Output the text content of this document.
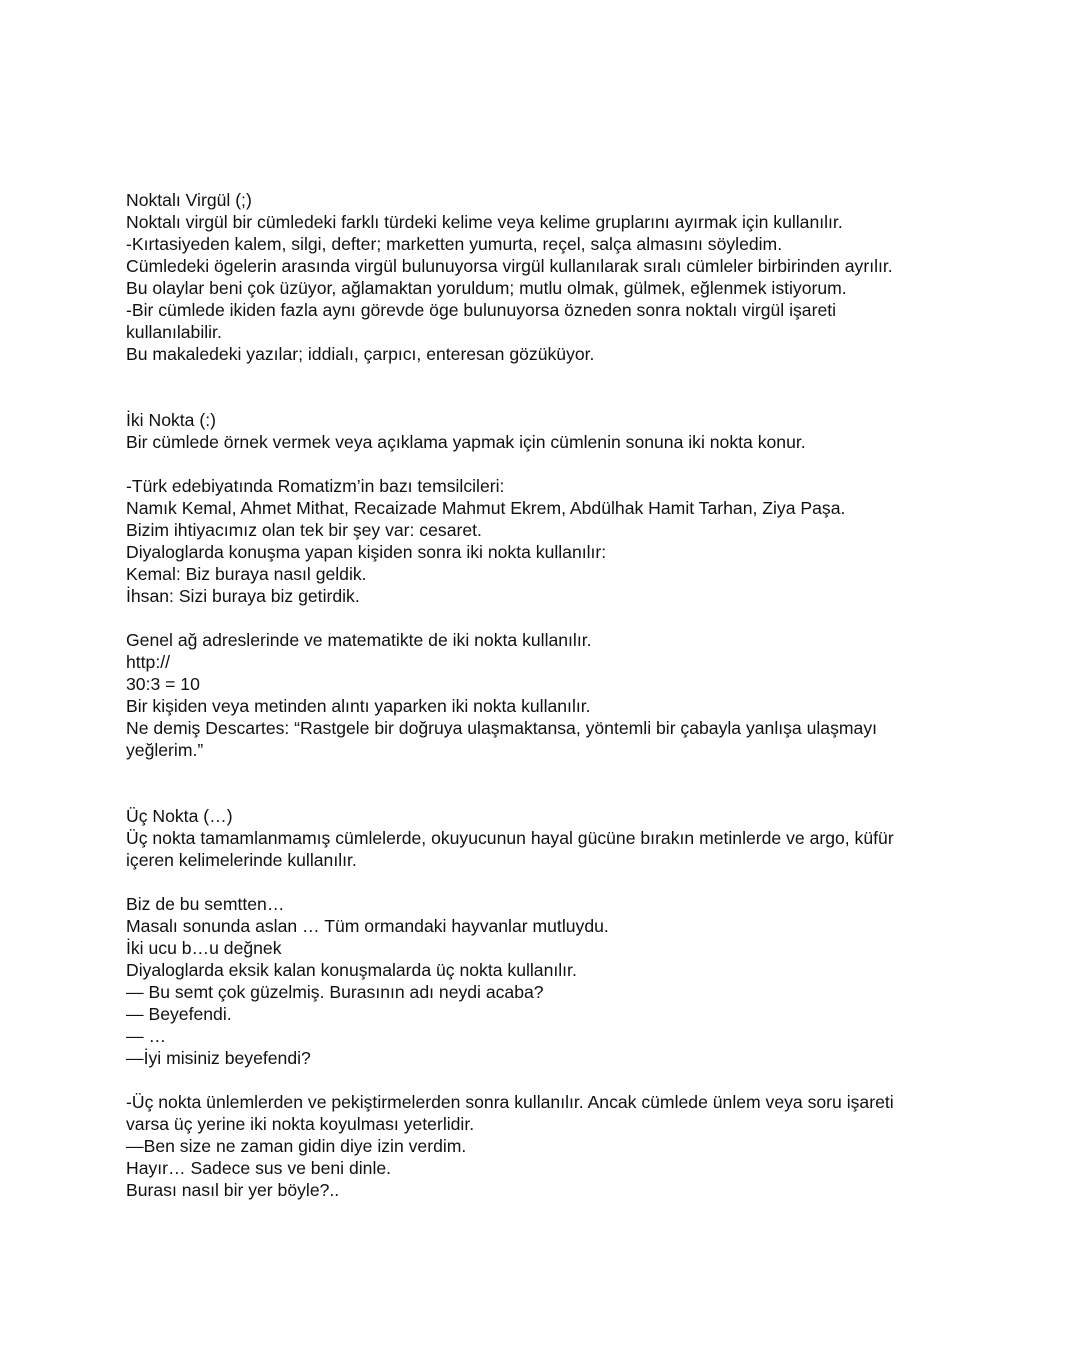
Noktalı Virgül (;)
Noktalı virgül bir cümledeki farklı türdeki kelime veya kelime gruplarını ayırmak için kullanılır.
-Kırtasiyeden kalem, silgi, defter; marketten yumurta, reçel, salça almasını söyledim.
Cümledeki ögelerin arasında virgül bulunuyorsa virgül kullanılarak sıralı cümleler birbirinden ayrılır.
Bu olaylar beni çok üzüyor, ağlamaktan yoruldum; mutlu olmak, gülmek, eğlenmek istiyorum.
-Bir cümlede ikiden fazla aynı görevde öge bulunuyorsa özneden sonra noktalı virgül işareti
kullanılabilir.
Bu makaledeki yazılar; iddialı, çarpıcı, enteresan gözüküyor.
İki Nokta (:)
Bir cümlede örnek vermek veya açıklama yapmak için cümlenin sonuna iki nokta konur.
-Türk edebiyatında Romatizm’in bazı temsilcileri:
Namık Kemal, Ahmet Mithat, Recaizade Mahmut Ekrem, Abdülhak Hamit Tarhan, Ziya Paşa.
Bizim ihtiyacımız olan tek bir şey var: cesaret.
Diyaloglarda konuşma yapan kişiden sonra iki nokta kullanılır:
Kemal: Biz buraya nasıl geldik.
İhsan: Sizi buraya biz getirdik.
Genel ağ adreslerinde ve matematikte de iki nokta kullanılır.
http://
30:3 = 10
Bir kişiden veya metinden alıntı yaparken iki nokta kullanılır.
Ne demiş Descartes: “Rastgele bir doğruya ulaşmaktansa, yöntemli bir çabayla yanlışa ulaşmayı
yeğlerim.”
Üç Nokta (…)
Üç nokta tamamlanmamış cümlelerde, okuyucunun hayal gücüne bırakın metinlerde ve argo, küfür
içeren kelimelerinde kullanılır.
Biz de bu semtten…
Masalı sonunda aslan … Tüm ormandaki hayvanlar mutluydu.
İki ucu b…u değnek
Diyaloglarda eksik kalan konuşmalarda üç nokta kullanılır.
— Bu semt çok güzelmiş. Burasının adı neydi acaba?
— Beyefendi.
— …
—İyi misiniz beyefendi?
-Üç nokta ünlemlerden ve pekiştirmelerden sonra kullanılır. Ancak cümlede ünlem veya soru işareti
varsa üç yerine iki nokta koyulması yeterlidir.
—Ben size ne zaman gidin diye izin verdim.
Hayır… Sadece sus ve beni dinle.
Burası nasıl bir yer böyle?..
